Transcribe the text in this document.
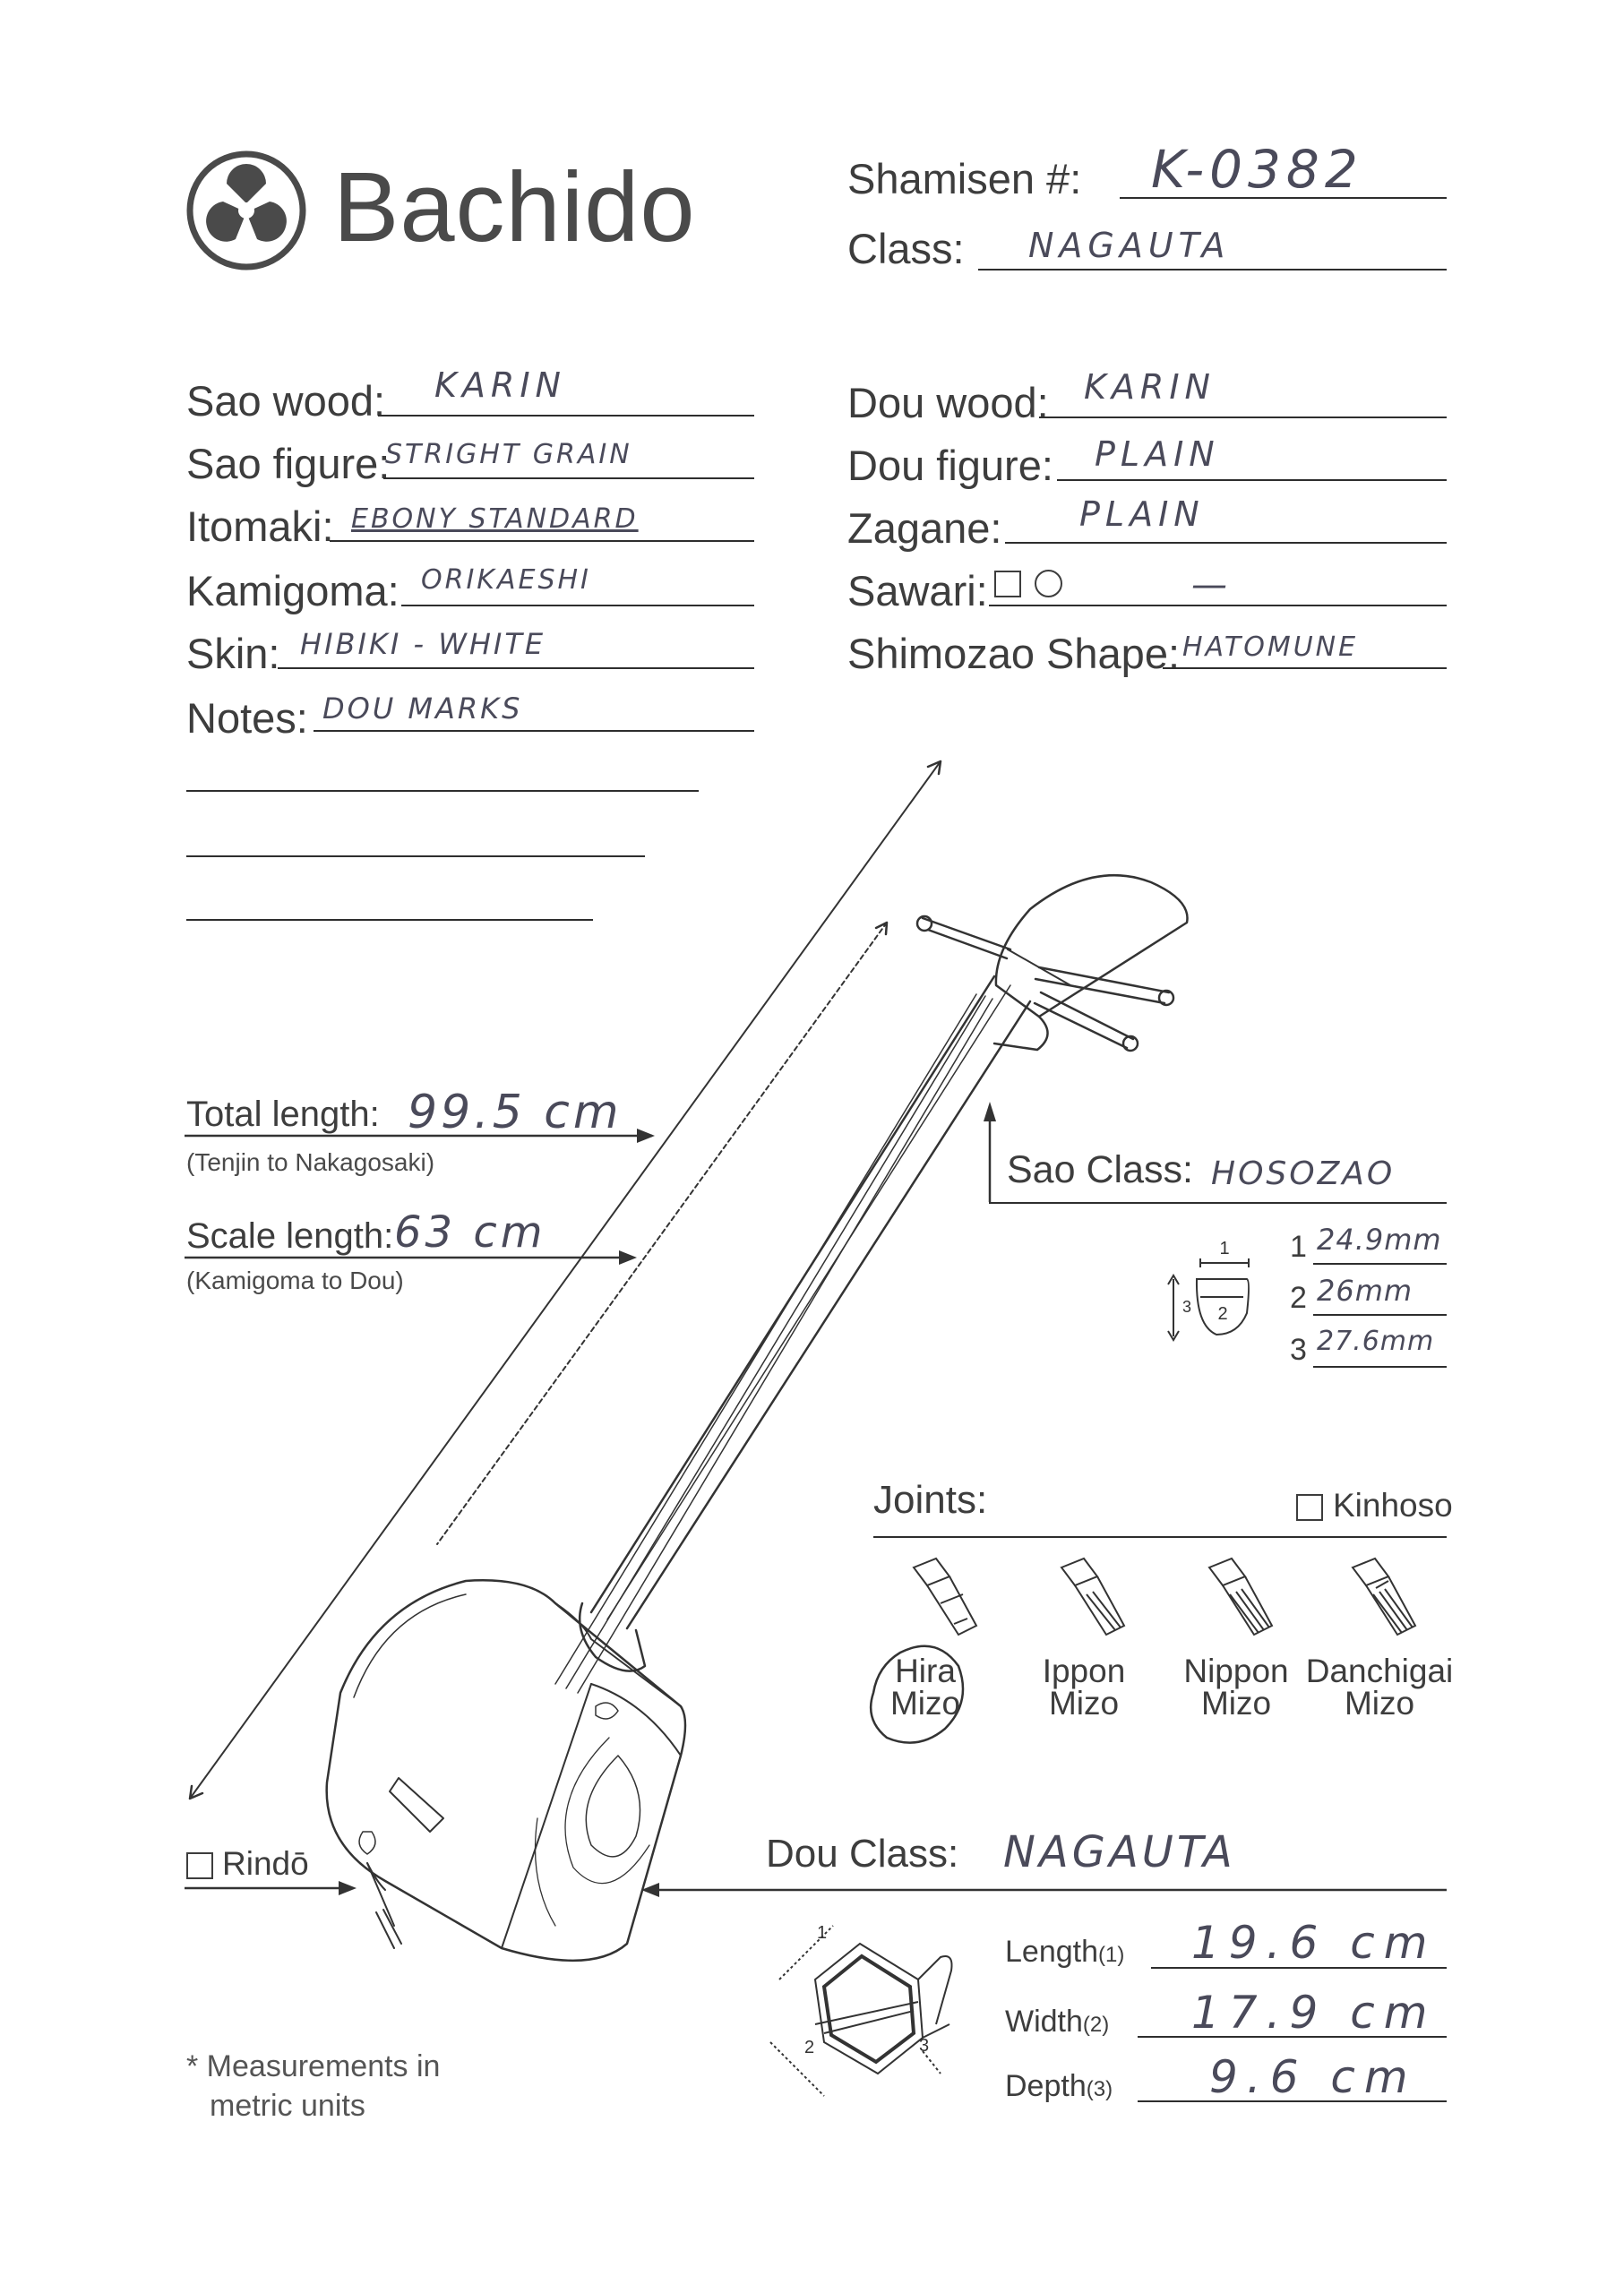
Bachido	Shamisen #: K-0382
Class: NAGAUTA
Sao wood: KARIN
Sao figure:
STRIGHT GRAIN
Itomaki: EBONY STANDARD
Kamigoma: ORIKAESHI
Skin: HIBIKI - WHITE
Notes: DOU MARKS
Dou wood: KARIN
Dou figure: PLAIN
Zagane: PLAIN
Sawari:	—
Shimozao Shape: HATOMUNE
Total length: 99.5 cm
(Tenjin to Nakagosaki)
Scale length: 63 cm
(Kamigoma to Dou)
Sao Class: HOSOZAO
1
2
3
1 24.9mm
2 26mm
3 27.6mm
Joints:	Kinhoso
Hira
Mizo
Ippon
Mizo
Nippon
Mizo
Danchigai
Mizo
Rindō	Dou Class: NAGAUTA
1
2	3
Length(1) 19.6 cm
Width(2) 17.9 cm
Depth(3) 9.6 cm
* Measurements in
metric units
